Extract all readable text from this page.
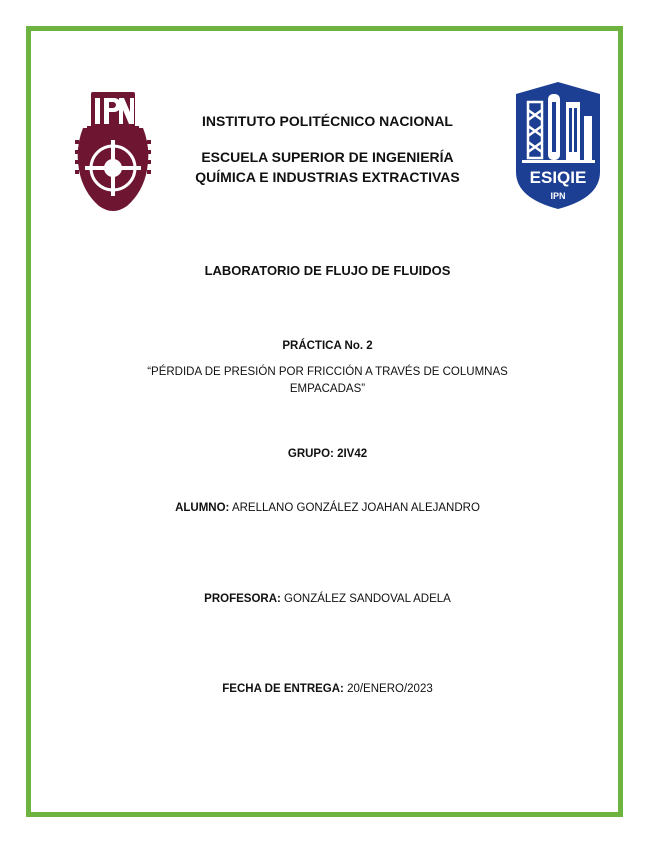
ESIQIE
IPN
INSTITUTO POLITÉCNICO NACIONAL
ESCUELA SUPERIOR DE INGENIERÍA
QUÍMICA E INDUSTRIAS EXTRACTIVAS
LABORATORIO DE FLUJO DE FLUIDOS
PRÁCTICA No. 2
“PÉRDIDA DE PRESIÓN POR FRICCIÓN A TRAVÉS DE COLUMNAS
EMPACADAS”
GRUPO: 2IV42
ALUMNO: ARELLANO GONZÁLEZ JOAHAN ALEJANDRO
PROFESORA: GONZÁLEZ SANDOVAL ADELA
FECHA DE ENTREGA: 20/ENERO/2023
